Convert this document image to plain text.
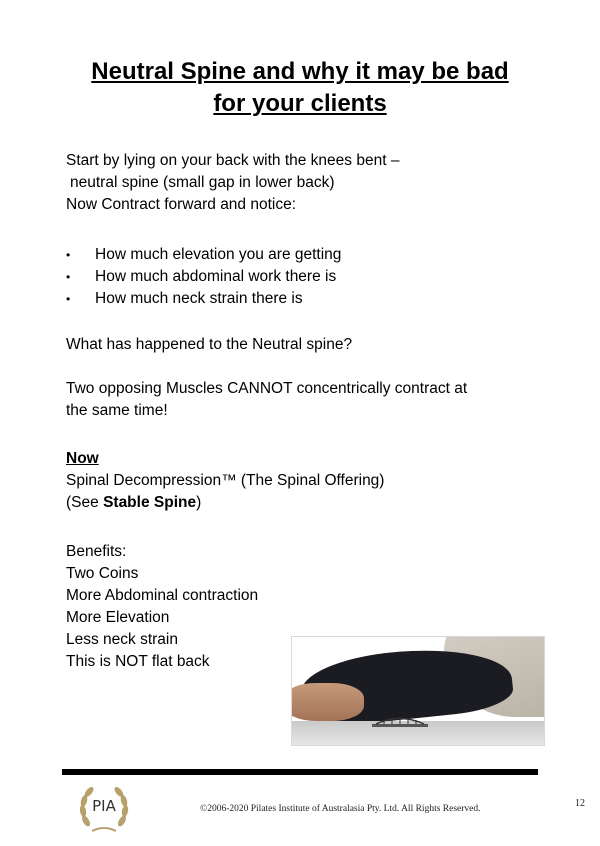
Neutral Spine and why it may be bad
for your clients
Start by lying on your back with the knees bent –
neutral spine (small gap in lower back)
Now Contract forward and notice:
• How much elevation you are getting
• How much abdominal work there is
• How much neck strain there is
What has happened to the Neutral spine?
Two opposing Muscles CANNOT concentrically contract at
the same time!
Now
Spinal Decompression™ (The Spinal Offering)
(See Stable Spine)
Benefits:
Two Coins
More Abdominal contraction
More Elevation
Less neck strain
This is NOT flat back
PIA	©2006-2020 Pilates Institute of Australasia Pty. Ltd. All Rights Reserved.	12
